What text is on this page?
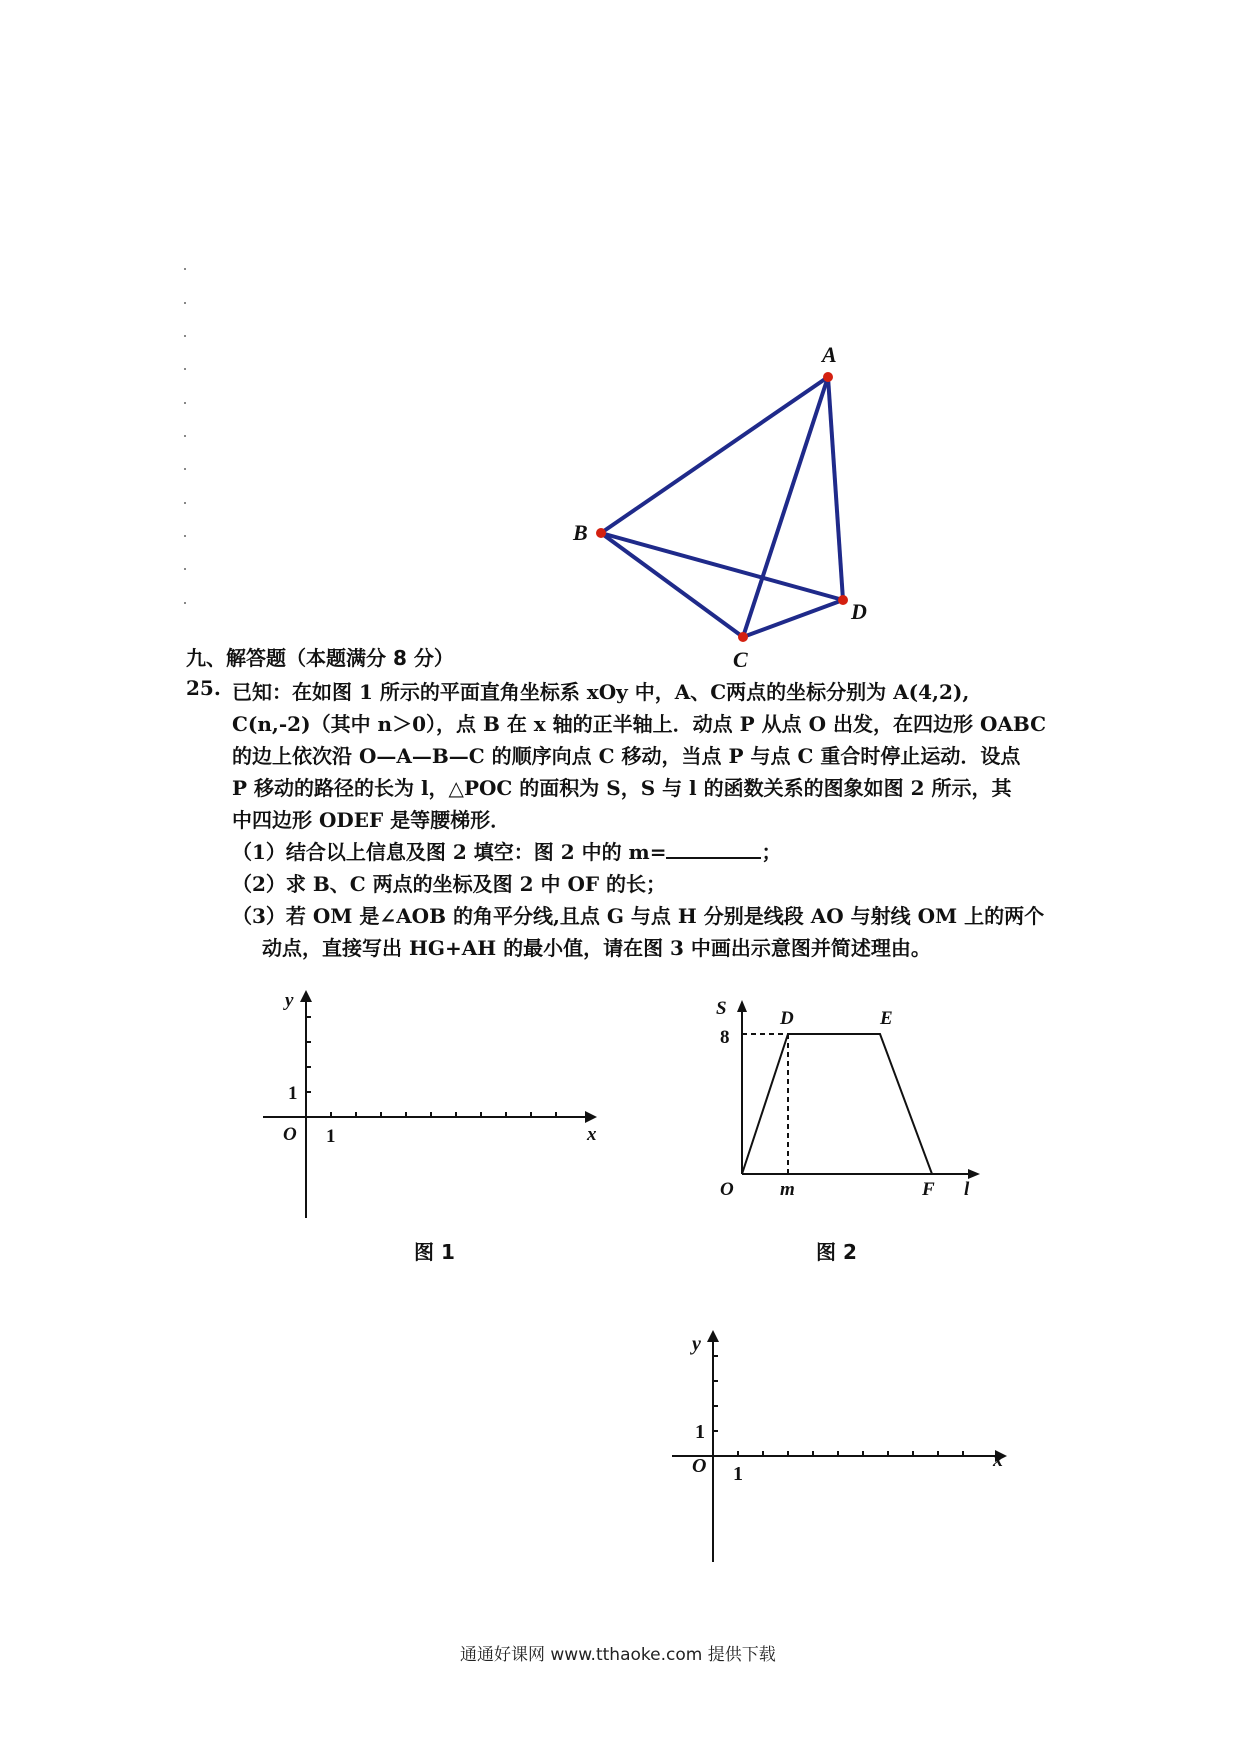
A
B
C
D
九、解答题（本题满分 8 分）
25. 已知：在如图 1 所示的平面直角坐标系 xOy 中，A、C两点的坐标分别为 A(4,2),
C(n,-2)（其中 n＞0），点 B 在 x 轴的正半轴上．动点 P 从点 O 出发，在四边形 OABC
的边上依次沿 O—A—B—C 的顺序向点 C 移动，当点 P 与点 C 重合时停止运动．设点
P 移动的路径的长为 l，△POC 的面积为 S，S 与 l 的函数关系的图象如图 2 所示，其
中四边形 ODEF 是等腰梯形．
（1）结合以上信息及图 2 填空：图 2 中的 m=	；
（2）求 B、C 两点的坐标及图 2 中 OF 的长；
（3）若 OM 是∠AOB 的角平分线,且点 G 与点 H 分别是线段 AO 与射线 OM 上的两个
动点，直接写出 HG+AH 的最小值，请在图 3 中画出示意图并简述理由。
y
x
O
1
1
图 1
S
8
D	E
O m	F l
图 2
y
x
O
1
1
通通好课网 www.tthaoke.com 提供下载
